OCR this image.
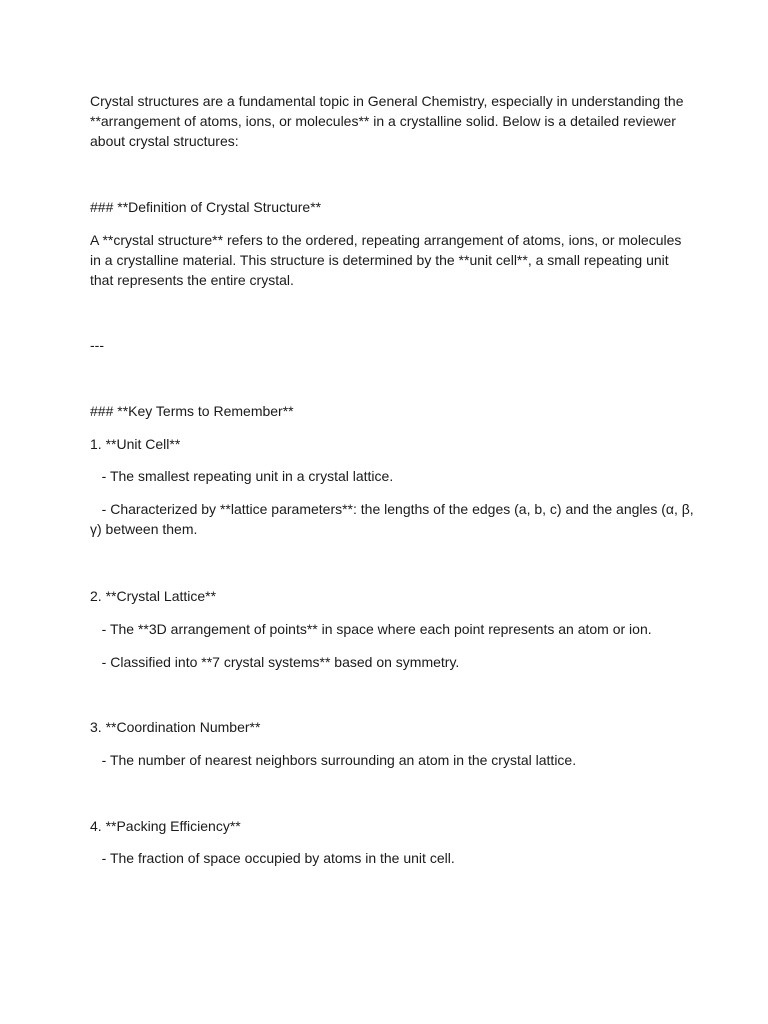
Crystal structures are a fundamental topic in General Chemistry, especially in understanding the
**arrangement of atoms, ions, or molecules** in a crystalline solid. Below is a detailed reviewer
about crystal structures:
### **Definition of Crystal Structure**
A **crystal structure** refers to the ordered, repeating arrangement of atoms, ions, or molecules
in a crystalline material. This structure is determined by the **unit cell**, a small repeating unit
that represents the entire crystal.
---
### **Key Terms to Remember**
1. **Unit Cell**
- The smallest repeating unit in a crystal lattice.
- Characterized by **lattice parameters**: the lengths of the edges (a, b, c) and the angles (α, β,
γ) between them.
2. **Crystal Lattice**
- The **3D arrangement of points** in space where each point represents an atom or ion.
- Classified into **7 crystal systems** based on symmetry.
3. **Coordination Number**
- The number of nearest neighbors surrounding an atom in the crystal lattice.
4. **Packing Efficiency**
- The fraction of space occupied by atoms in the unit cell.
